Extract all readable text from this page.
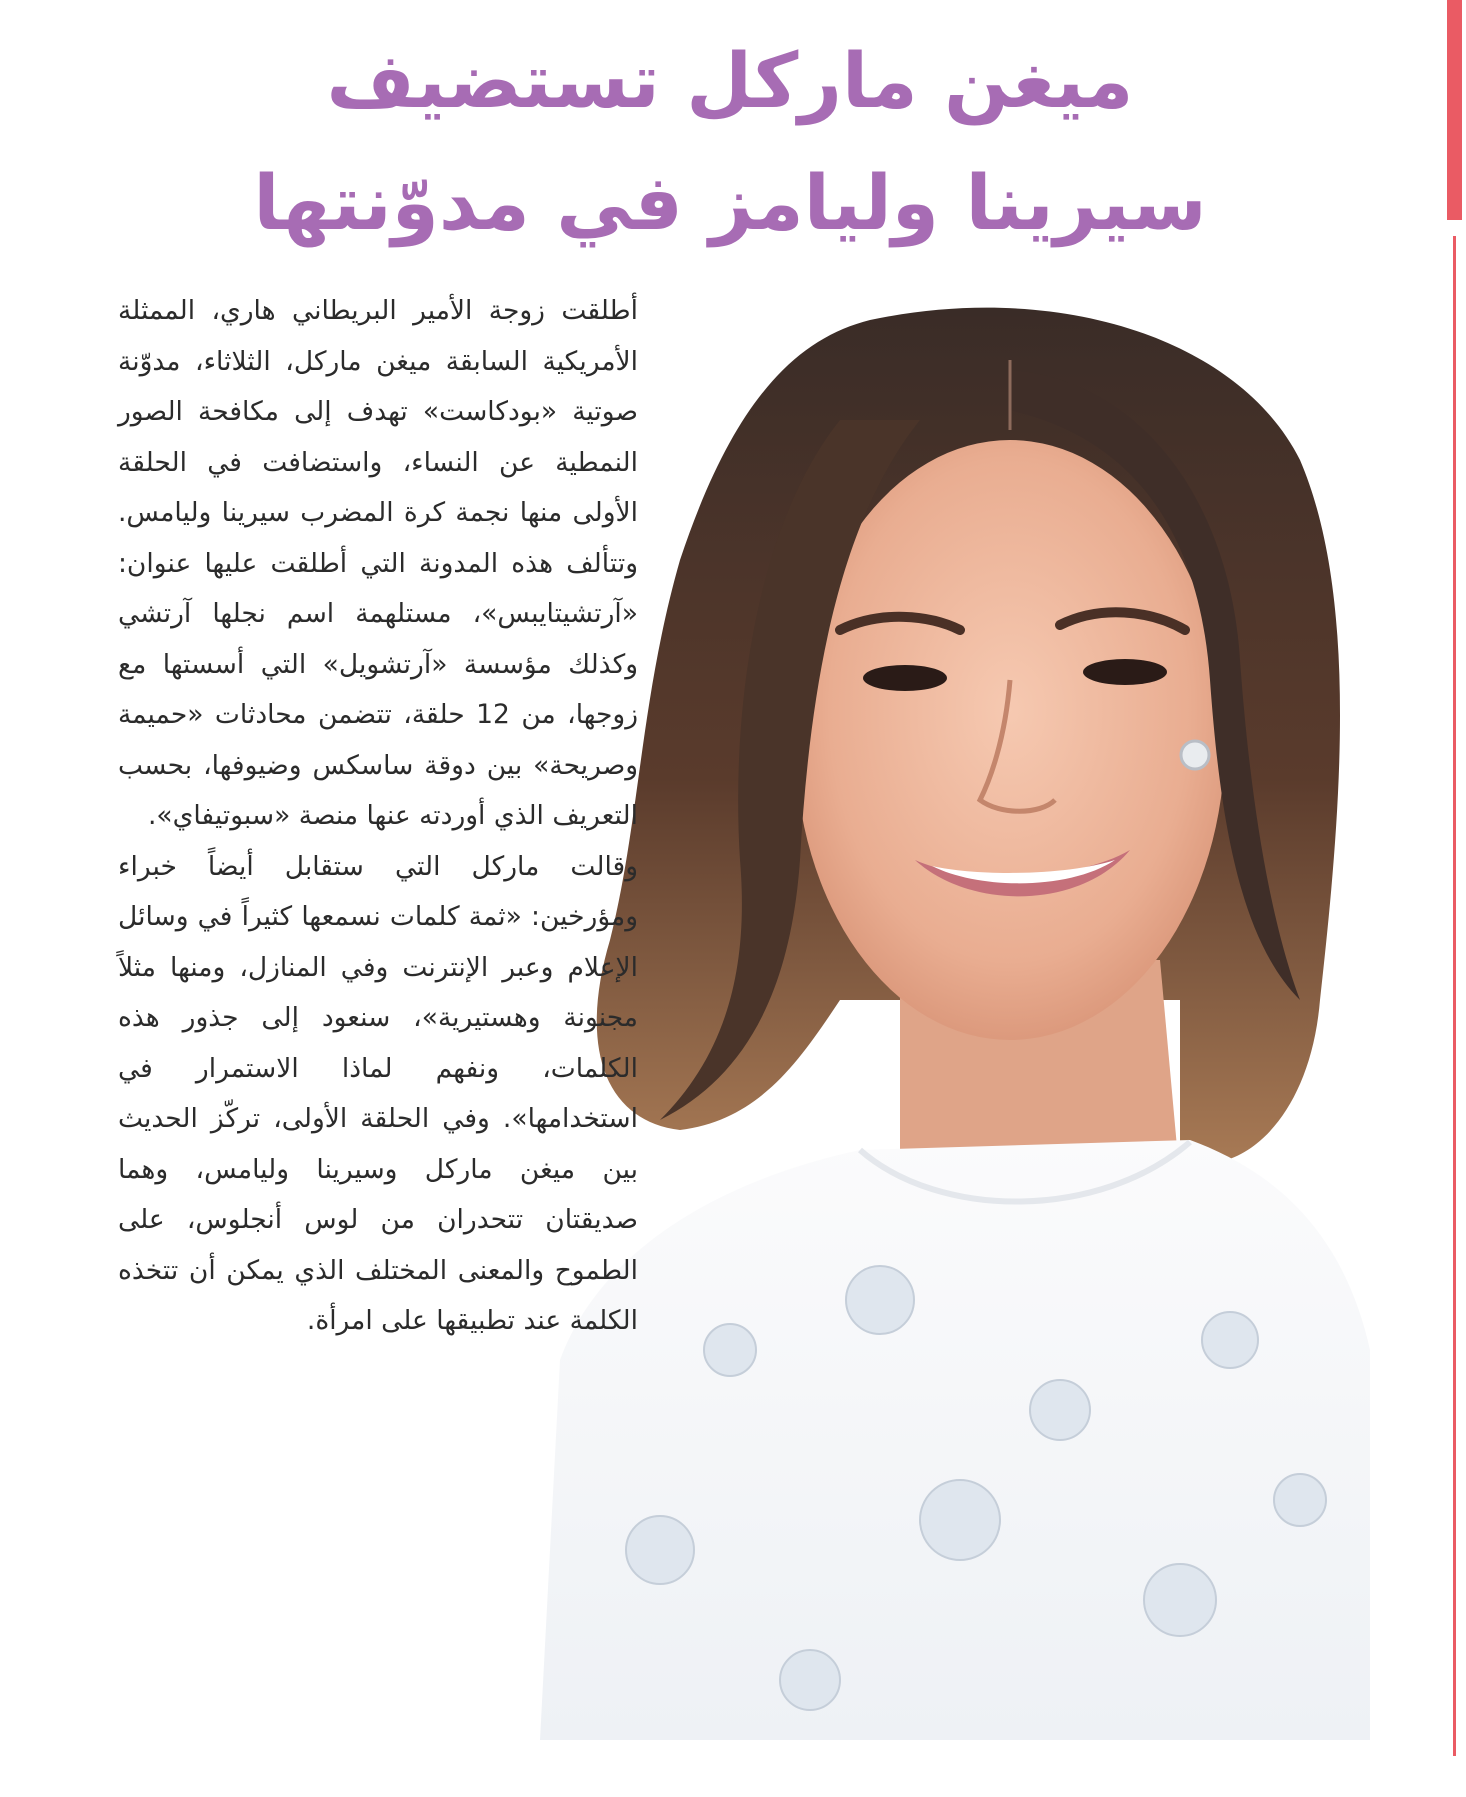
ميغن ماركل تستضيف
سيرينا وليامز في مدوّنتها

أطلقت زوجة الأمير البريطاني هاري، الممثلة الأمريكية السابقة ميغن ماركل، الثلاثاء، مدوّنة صوتية «بودكاست» تهدف إلى مكافحة الصور النمطية عن النساء، واستضافت في الحلقة الأولى منها نجمة كرة المضرب سيرينا وليامس. وتتألف هذه المدونة التي أطلقت عليها عنوان: «آرتشيتايبس»، مستلهمة اسم نجلها آرتشي وكذلك مؤسسة «آرتشويل» التي أسستها مع زوجها، من 12 حلقة، تتضمن محادثات «حميمة وصريحة» بين دوقة ساسكس وضيوفها، بحسب التعريف الذي أوردته عنها منصة «سبوتيفاي».

وقالت ماركل التي ستقابل أيضاً خبراء ومؤرخين: «ثمة كلمات نسمعها كثيراً في وسائل الإعلام وعبر الإنترنت وفي المنازل، ومنها مثلاً مجنونة وهستيرية»، سنعود إلى جذور هذه الكلمات، ونفهم لماذا الاستمرار في استخدامها». وفي الحلقة الأولى، تركّز الحديث بين ميغن ماركل وسيرينا وليامس، وهما صديقتان تتحدران من لوس أنجلوس، على الطموح والمعنى المختلف الذي يمكن أن تتخذه الكلمة عند تطبيقها على امرأة.
